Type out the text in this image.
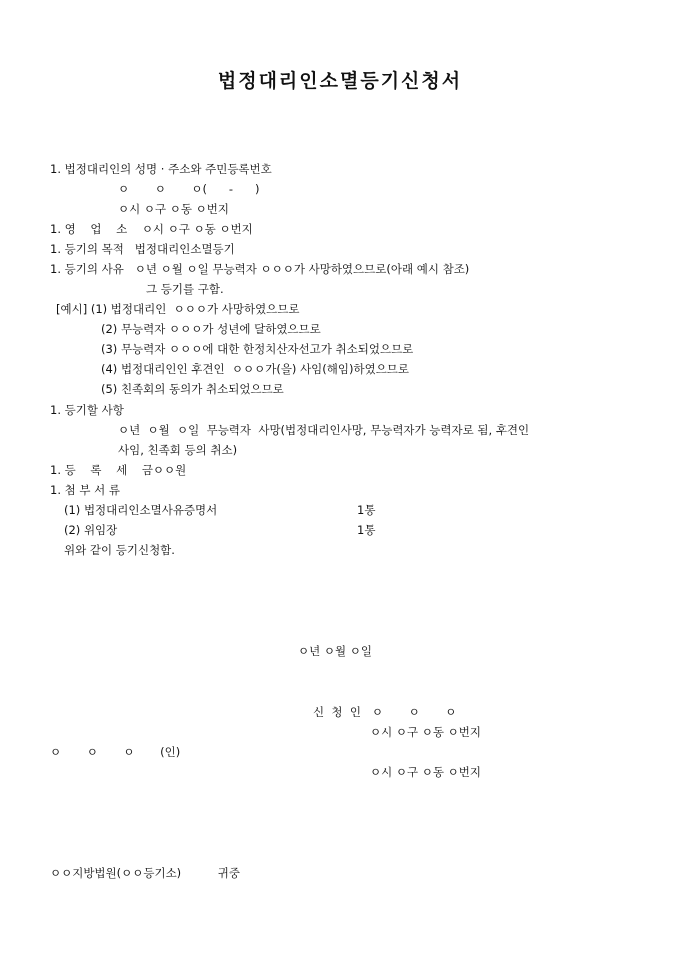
법정대리인소멸등기신청서

1. 법정대리인의 성명 · 주소와 주민등록번호

ㅇ       ㅇ       ㅇ(      -      )

ㅇ시 ㅇ구 ㅇ동 ㅇ번지

1. 영    업    소    ㅇ시 ㅇ구 ㅇ동 ㅇ번지

1. 등기의 목적   법정대리인소멸등기

1. 등기의 사유   ㅇ년 ㅇ월 ㅇ일 무능력자 ㅇㅇㅇ가 사망하였으므로(아래 예시 참조)

그 등기를 구함.

[예시] (1) 법정대리인  ㅇㅇㅇ가 사망하였으므로

(2) 무능력자 ㅇㅇㅇ가 성년에 달하였으므로

(3) 무능력자 ㅇㅇㅇ에 대한 한정치산자선고가 취소되었으므로

(4) 법정대리인인 후견인  ㅇㅇㅇ가(을) 사임(해임)하였으므로

(5) 친족회의 동의가 취소되었으므로

1. 등기할 사항

ㅇ년  ㅇ월  ㅇ일  무능력자  사망(법정대리인사망, 무능력자가 능력자로 됨, 후견인

사임, 친족회 등의 취소)

1. 등    록    세    금ㅇㅇ원

1. 첨 부 서 류

(1) 법정대리인소멸사유증명서	1통

(2) 위임장	1통

위와 같이 등기신청함.

ㅇ년 ㅇ월 ㅇ일

신  청  인   ㅇ       ㅇ       ㅇ

ㅇ시 ㅇ구 ㅇ동 ㅇ번지

ㅇ       ㅇ       ㅇ       (인)

ㅇ시 ㅇ구 ㅇ동 ㅇ번지

ㅇㅇ지방법원(ㅇㅇ등기소)          귀중
